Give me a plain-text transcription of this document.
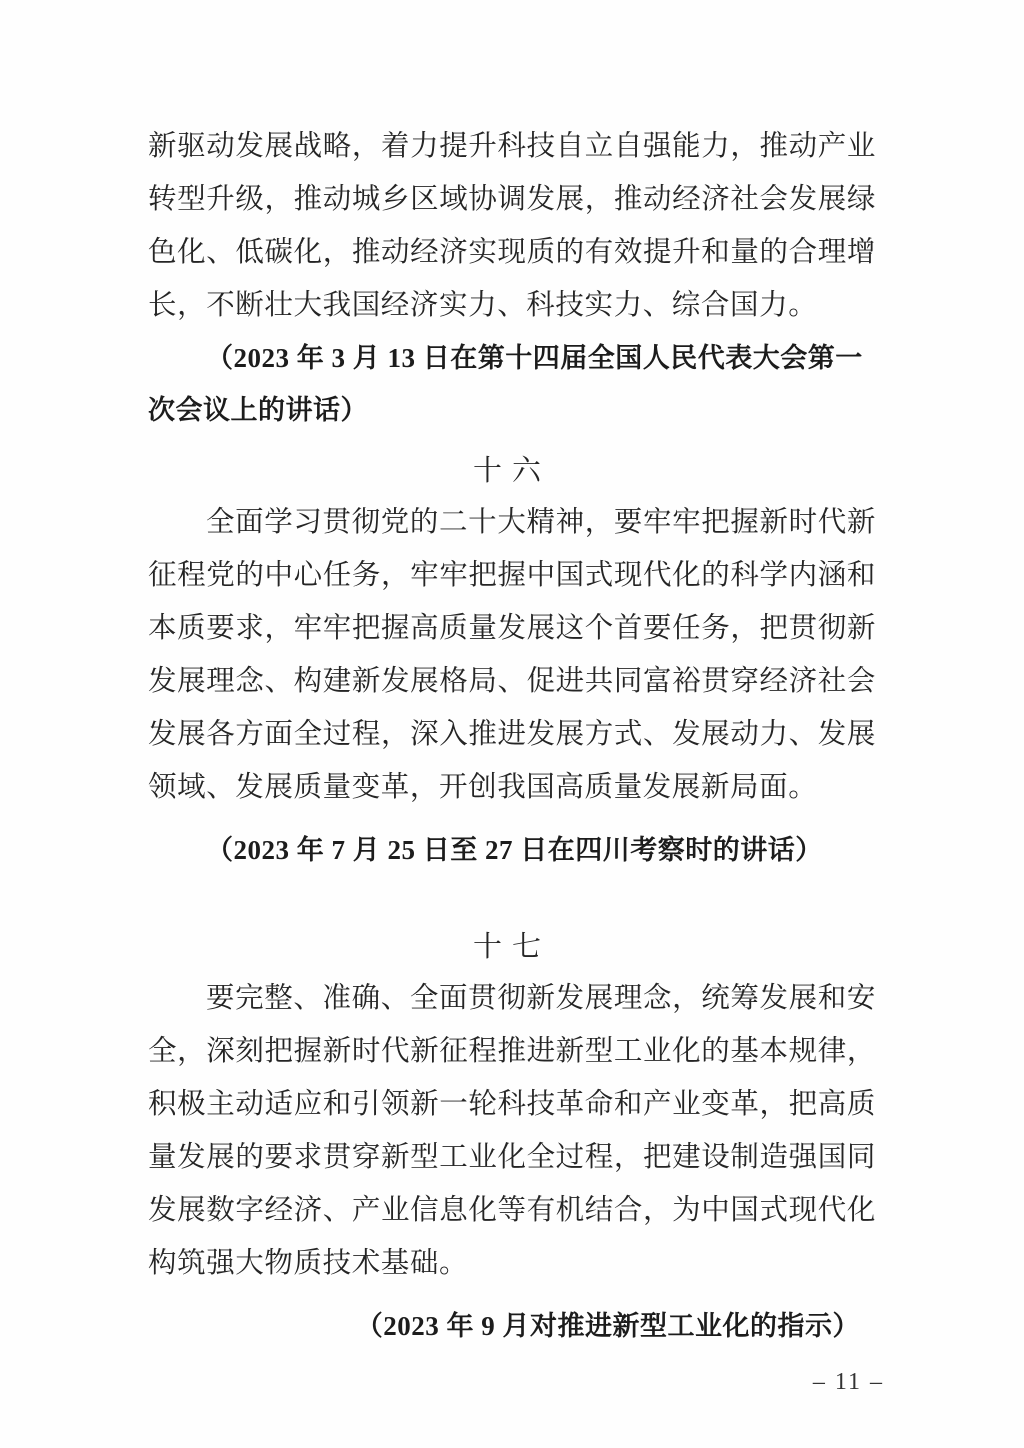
新驱动发展战略，着力提升科技自立自强能力，推动产业转型升级，推动城乡区域协调发展，推动经济社会发展绿色化、低碳化，推动经济实现质的有效提升和量的合理增长，不断壮大我国经济实力、科技实力、综合国力。

（2023 年 3 月 13 日在第十四届全国人民代表大会第一次会议上的讲话）

十六

全面学习贯彻党的二十大精神，要牢牢把握新时代新征程党的中心任务，牢牢把握中国式现代化的科学内涵和本质要求，牢牢把握高质量发展这个首要任务，把贯彻新发展理念、构建新发展格局、促进共同富裕贯穿经济社会发展各方面全过程，深入推进发展方式、发展动力、发展领域、发展质量变革，开创我国高质量发展新局面。

（2023 年 7 月 25 日至 27 日在四川考察时的讲话）

十七

要完整、准确、全面贯彻新发展理念，统筹发展和安全，深刻把握新时代新征程推进新型工业化的基本规律，积极主动适应和引领新一轮科技革命和产业变革，把高质量发展的要求贯穿新型工业化全过程，把建设制造强国同发展数字经济、产业信息化等有机结合，为中国式现代化构筑强大物质技术基础。

（2023 年 9 月对推进新型工业化的指示）

– 11 –
